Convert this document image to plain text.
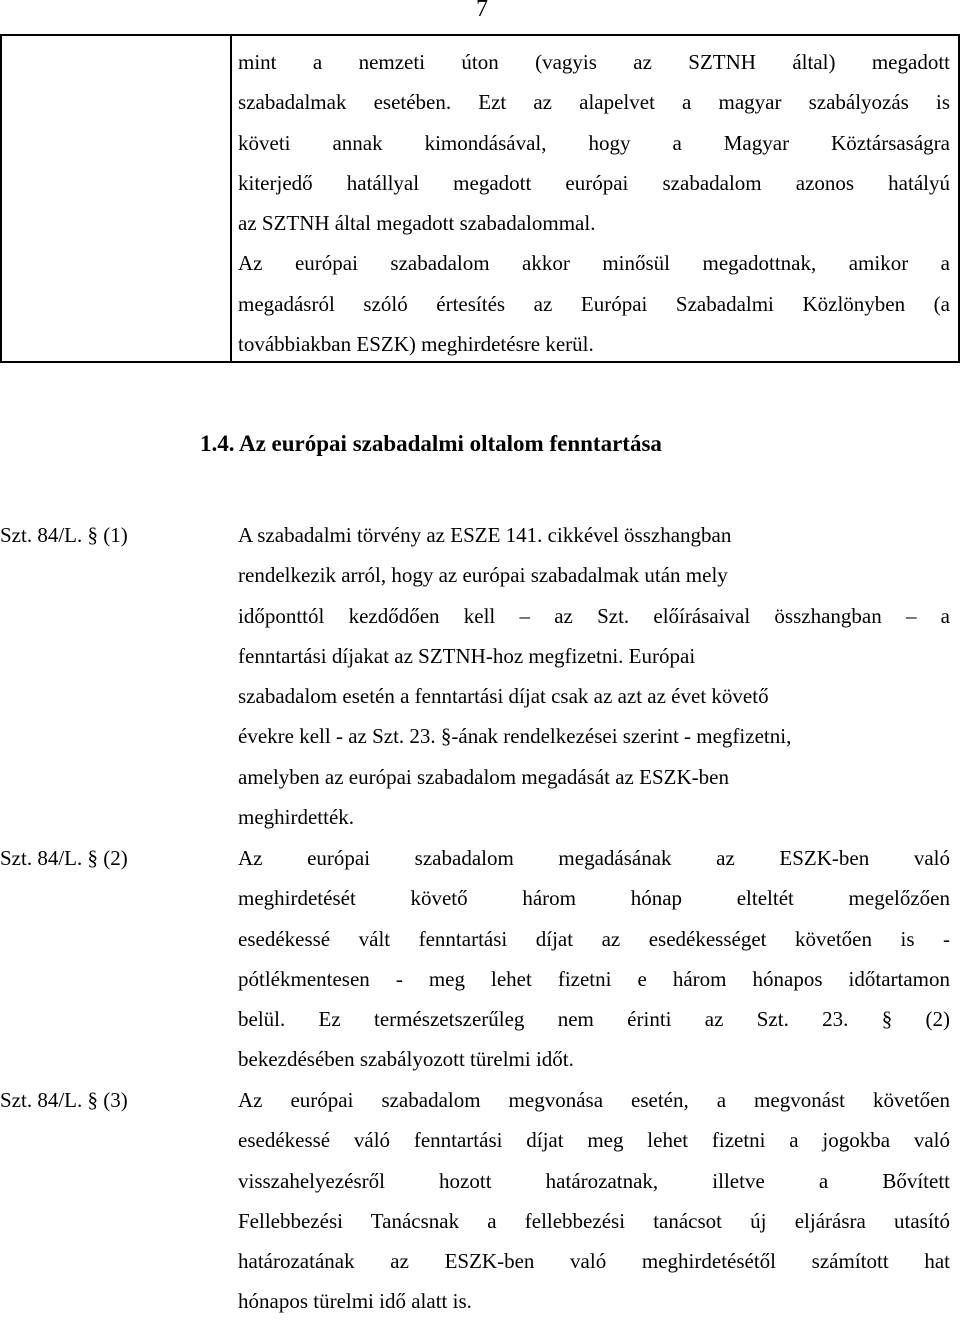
7
mint a nemzeti úton (vagyis az SZTNH által) megadott
szabadalmak esetében. Ezt az alapelvet a magyar szabályozás is
követi annak kimondásával, hogy a Magyar Köztársaságra
kiterjedő hatállyal megadott európai szabadalom azonos hatályú
az SZTNH által megadott szabadalommal.
Az európai szabadalom akkor minősül megadottnak, amikor a
megadásról szóló értesítés az Európai Szabadalmi Közlönyben (a
továbbiakban ESZK) meghirdetésre kerül.
1.4. Az európai szabadalmi oltalom fenntartása
Szt. 84/L. § (1)	A szabadalmi törvény az ESZE 141. cikkével összhangban
rendelkezik arról, hogy az európai szabadalmak után mely
időponttól kezdődően kell – az Szt. előírásaival összhangban – a
fenntartási díjakat az SZTNH-hoz megfizetni. Európai
szabadalom esetén a fenntartási díjat csak az azt az évet követő
évekre kell - az Szt. 23. §-ának rendelkezései szerint - megfizetni,
amelyben az európai szabadalom megadását az ESZK-ben
meghirdették.
Szt. 84/L. § (2)	Az európai szabadalom megadásának az ESZK-ben való
meghirdetését követő három hónap elteltét megelőzően
esedékessé vált fenntartási díjat az esedékességet követően is -
pótlékmentesen - meg lehet fizetni e három hónapos időtartamon
belül. Ez természetszerűleg nem érinti az Szt. 23. § (2)
bekezdésében szabályozott türelmi időt.
Szt. 84/L. § (3)	Az európai szabadalom megvonása esetén, a megvonást követően
esedékessé váló fenntartási díjat meg lehet fizetni a jogokba való
visszahelyezésről hozott határozatnak, illetve a Bővített
Fellebbezési Tanácsnak a fellebbezési tanácsot új eljárásra utasító
határozatának az ESZK-ben való meghirdetésétől számított hat
hónapos türelmi idő alatt is.
